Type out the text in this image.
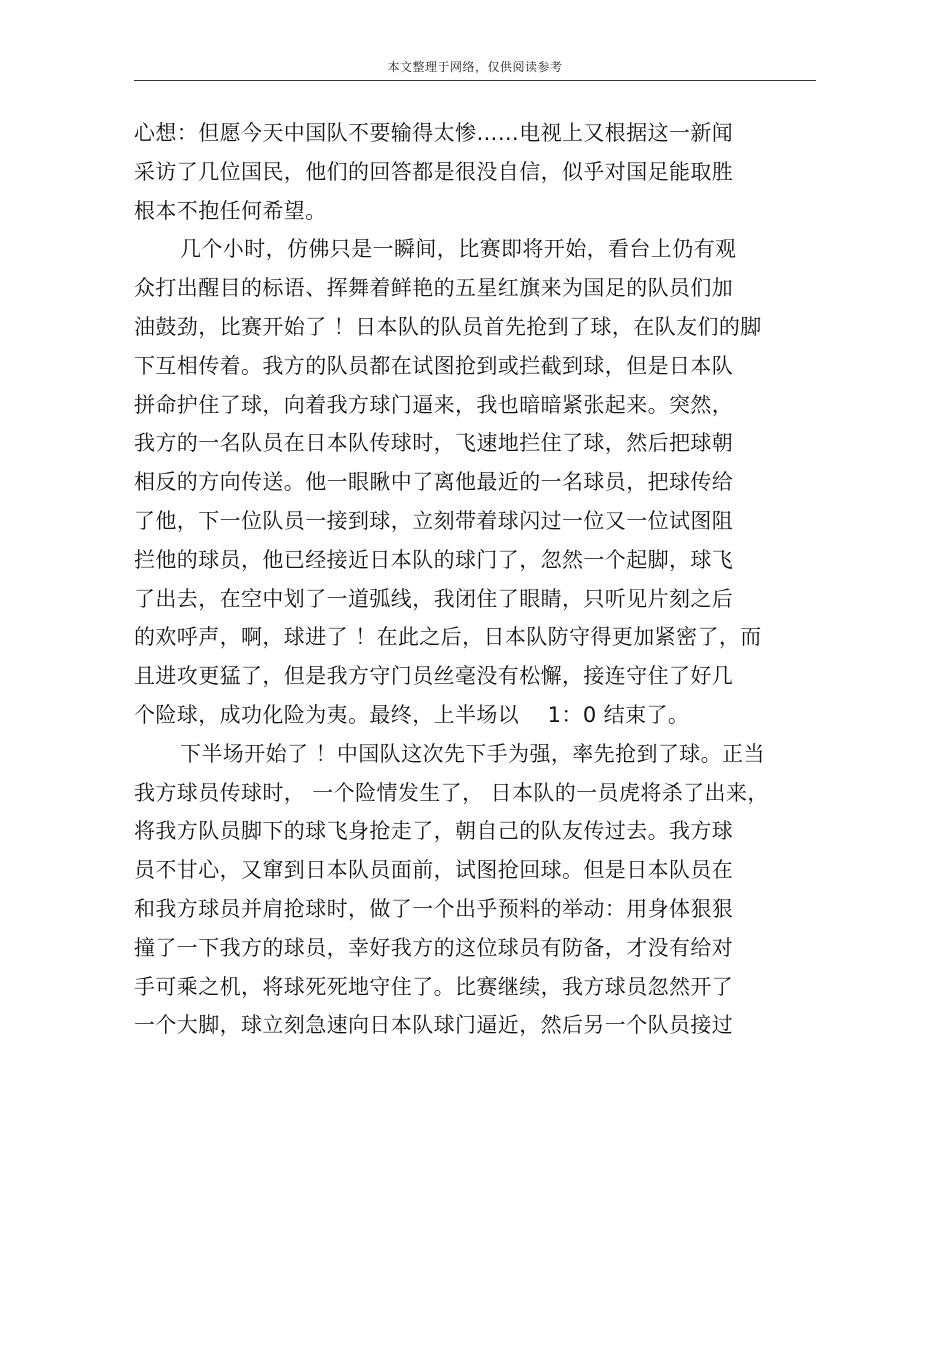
本文整理于网络，仅供阅读参考
心想：但愿今天中国队不要输得太惨……电视上又根据这一新闻
采访了几位国民，他们的回答都是很没自信，似乎对国足能取胜
根本不抱任何希望。
几个小时，仿佛只是一瞬间，比赛即将开始，看台上仍有观
众打出醒目的标语、挥舞着鲜艳的五星红旗来为国足的队员们加
油鼓劲，比赛开始了 ！日本队的队员首先抢到了球，在队友们的脚
下互相传着。我方的队员都在试图抢到或拦截到球，但是日本队
拼命护住了球，向着我方球门逼来，我也暗暗紧张起来。突然，
我方的一名队员在日本队传球时，飞速地拦住了球，然后把球朝
相反的方向传送。他一眼瞅中了离他最近的一名球员，把球传给
了他，下一位队员一接到球，立刻带着球闪过一位又一位试图阻
拦他的球员，他已经接近日本队的球门了，忽然一个起脚，球飞
了出去，在空中划了一道弧线，我闭住了眼睛，只听见片刻之后
的欢呼声，啊，球进了 ！在此之后，日本队防守得更加紧密了，而
且进攻更猛了，但是我方守门员丝毫没有松懈，接连守住了好几
个险球，成功化险为夷。最终，上半场以 　1：0 结束了。
下半场开始了 ！中国队这次先下手为强，率先抢到了球。正当
我方球员传球时， 一个险情发生了， 日本队的一员虎将杀了出来，
将我方队员脚下的球飞身抢走了，朝自己的队友传过去。我方球
员不甘心，又窜到日本队员面前，试图抢回球。但是日本队员在
和我方球员并肩抢球时，做了一个出乎预料的举动：用身体狠狠
撞了一下我方的球员，幸好我方的这位球员有防备，才没有给对
手可乘之机，将球死死地守住了。比赛继续，我方球员忽然开了
一个大脚，球立刻急速向日本队球门逼近，然后另一个队员接过
